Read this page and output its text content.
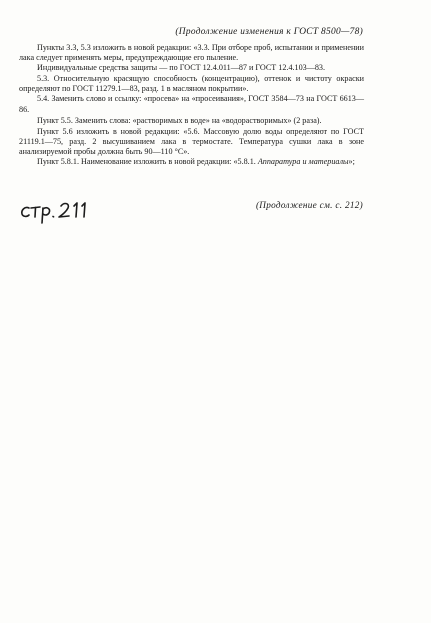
(Продолжение изменения к ГОСТ 8500—78)

Пункты 3.3, 5.3 изложить в новой редакции: «3.3. При отборе проб, испытании и применении лака следует применять меры, предупреждающие его пыление.

Индивидуальные средства защиты — по ГОСТ 12.4.011—87 и ГОСТ 12.4.103—83.

5.3. Относительную красящую способность (концентрацию), оттенок и чистоту окраски определяют по ГОСТ 11279.1—83, разд. 1 в масляном покрытии».

5.4. Заменить слово и ссылку: «просева» на «просеивания», ГОСТ 3584—73 на ГОСТ 6613—86.

Пункт 5.5. Заменить слова: «растворимых в воде» на «водорастворимых» (2 раза).

Пункт 5.6 изложить в новой редакции: «5.6. Массовую долю воды определяют по ГОСТ 21119.1—75, разд. 2 высушиванием лака в термостате. Температура сушки лака в зоне анализируемой пробы должна быть 90—110 °С».

Пункт 5.8.1. Наименование изложить в новой редакции: «5.8.1. Аппаратура и материалы»;

(Продолжение см. с. 212)
